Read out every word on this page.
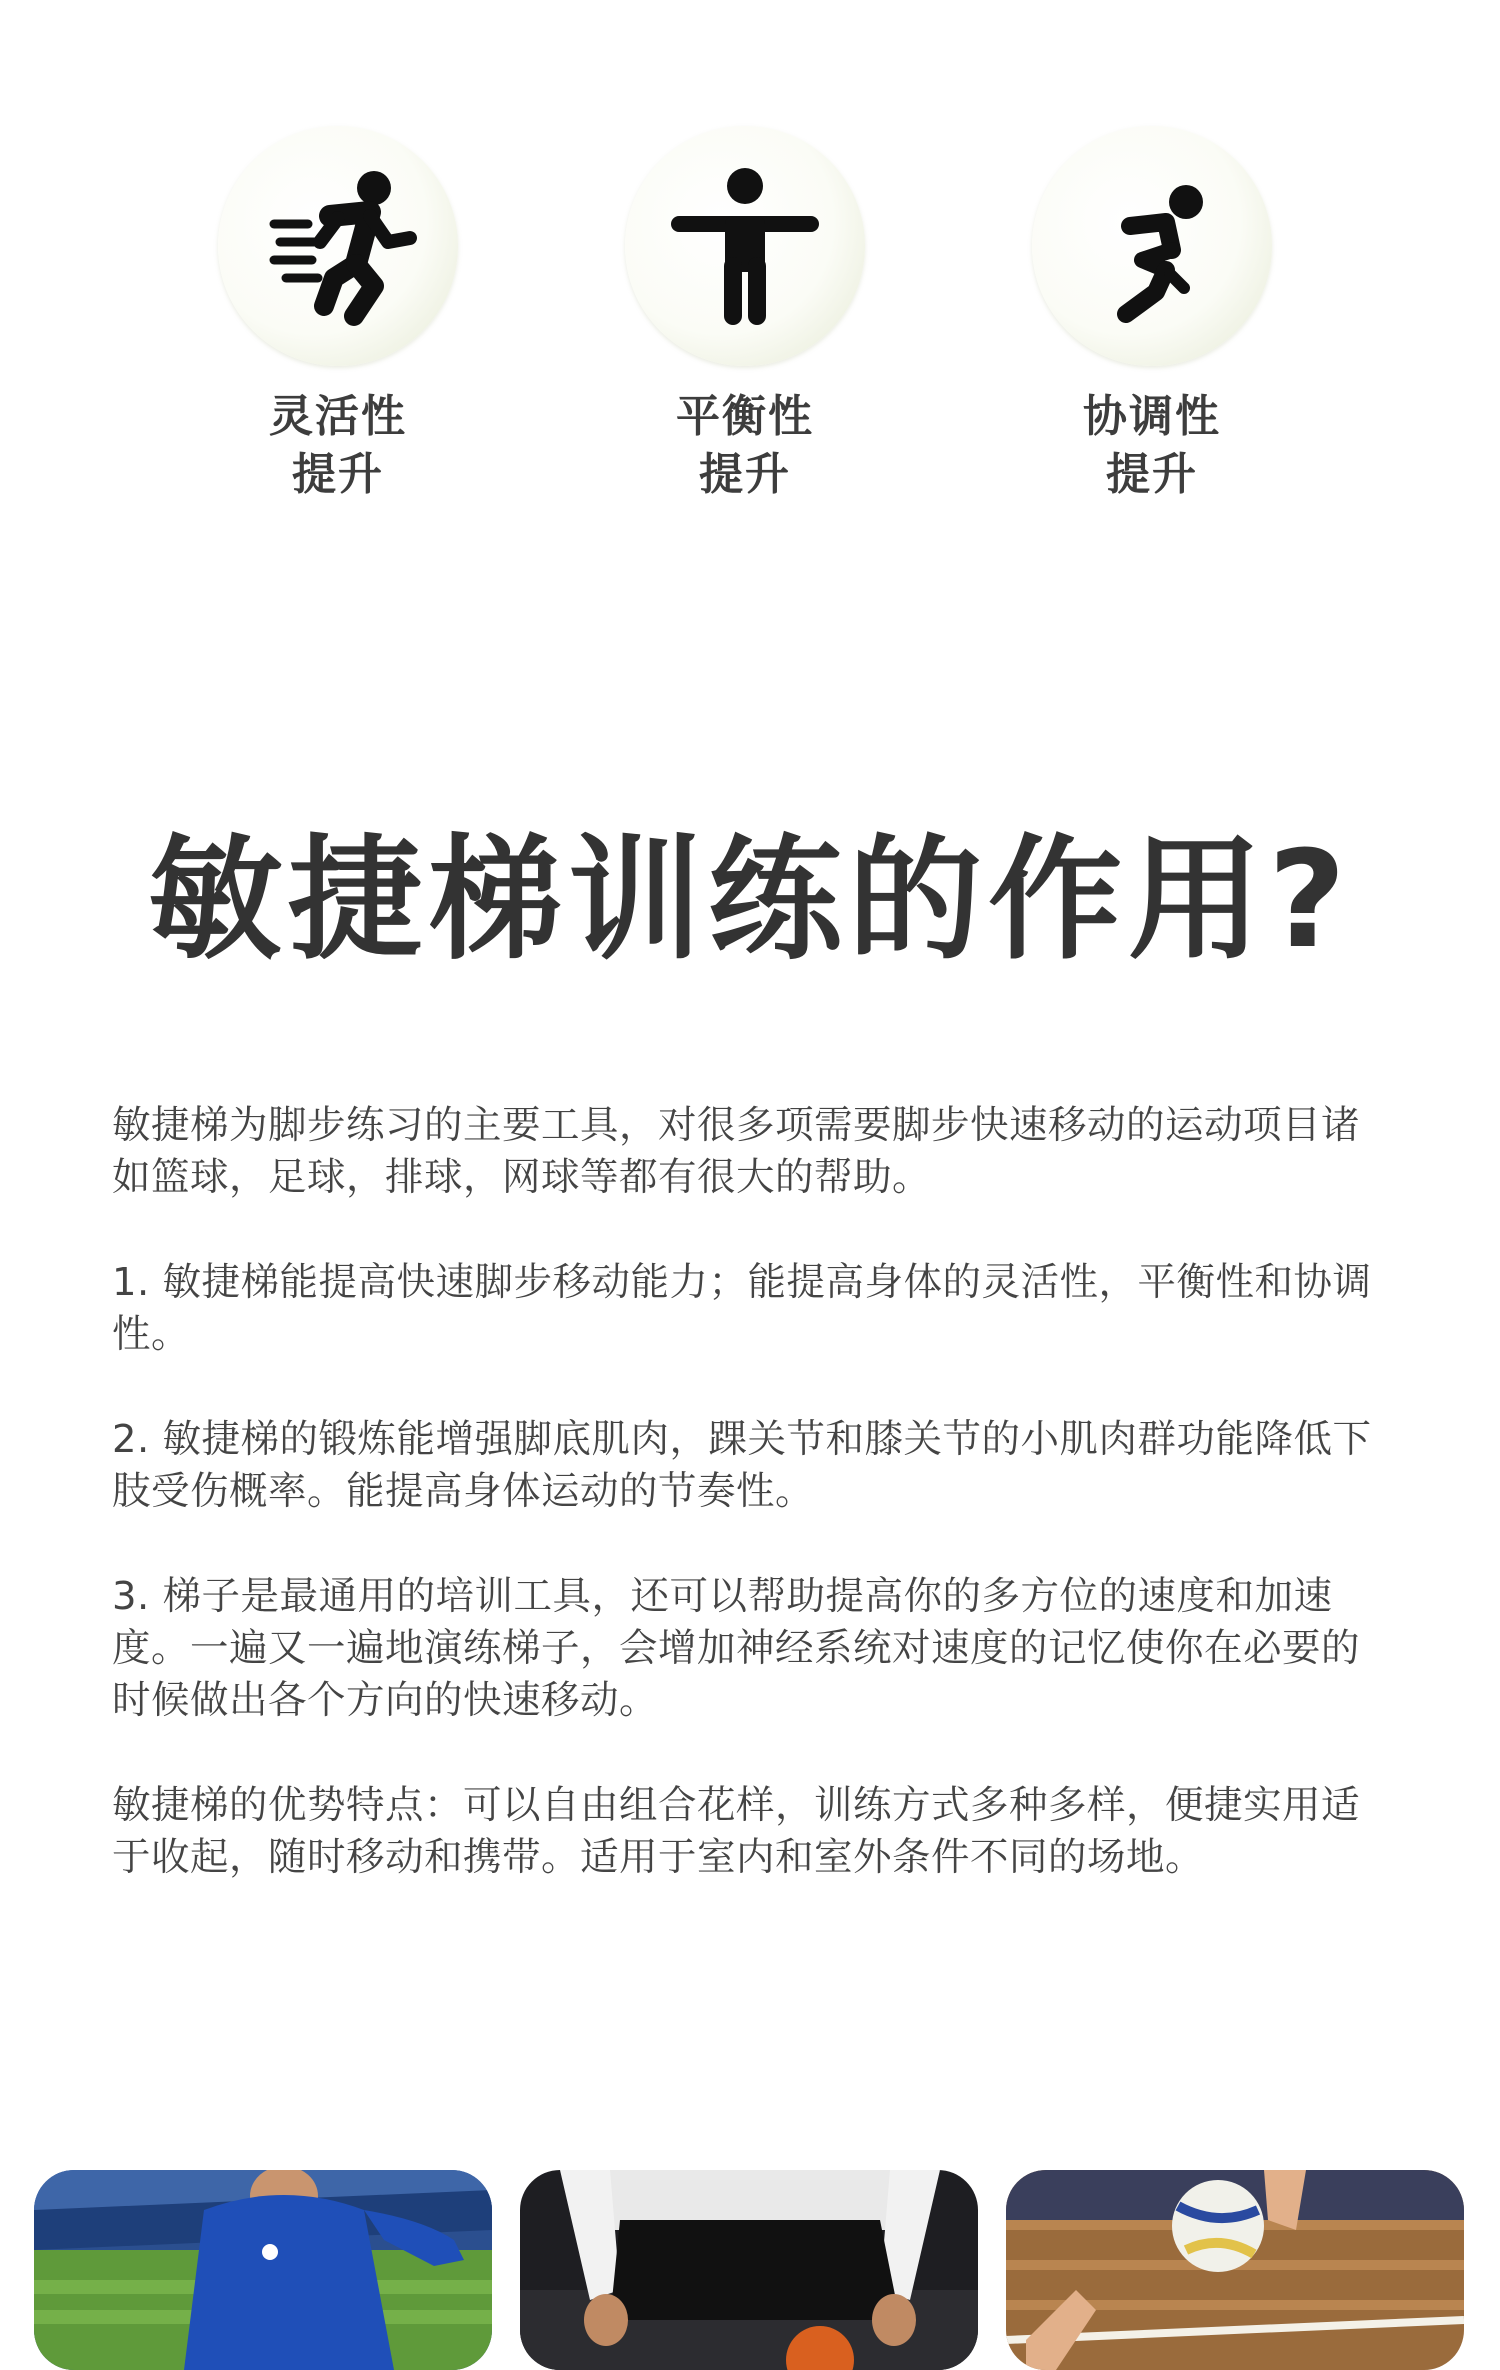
灵活性
提升
平衡性
提升
协调性
提升
敏捷梯训练的作用?

敏捷梯为脚步练习的主要工具，对很多项需要脚步快速移动的运动项目诸如篮球，足球，排球，网球等都有很大的帮助。

1. 敏捷梯能提高快速脚步移动能力；能提高身体的灵活性，平衡性和协调性。

2. 敏捷梯的锻炼能增强脚底肌肉，踝关节和膝关节的小肌肉群功能降低下肢受伤概率。能提高身体运动的节奏性。

3. 梯子是最通用的培训工具，还可以帮助提高你的多方位的速度和加速度。一遍又一遍地演练梯子，会增加神经系统对速度的记忆使你在必要的时候做出各个方向的快速移动。

敏捷梯的优势特点：可以自由组合花样，训练方式多种多样，便捷实用适于收起，随时移动和携带。适用于室内和室外条件不同的场地。
